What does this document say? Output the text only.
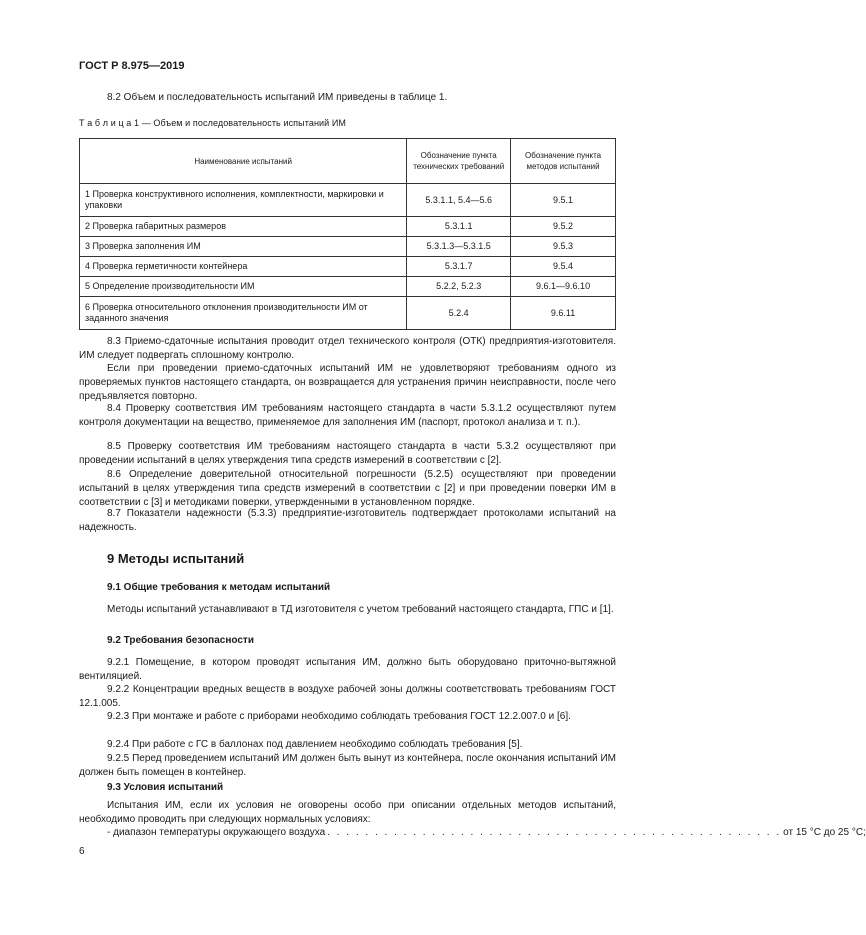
ГОСТ Р 8.975—2019

8.2 Объем и последовательность испытаний ИМ приведены в таблице 1.

Т а б л и ц а 1 — Объем и последовательность испытаний ИМ
Наименование испытаний	Обозначение пункта технических требований	Обозначение пункта методов испытаний
1 Проверка конструктивного исполнения, комплектности, маркировки и упаковки	5.3.1.1, 5.4—5.6	9.5.1
2 Проверка габаритных размеров	5.3.1.1	9.5.2
3 Проверка заполнения ИМ	5.3.1.3—5.3.1.5	9.5.3
4 Проверка герметичности контейнера	5.3.1.7	9.5.4
5 Определение производительности ИМ	5.2.2, 5.2.3	9.6.1—9.6.10
6 Проверка относительного отклонения производительности ИМ от заданного значения	5.2.4	9.6.11

8.3 Приемо-сдаточные испытания проводит отдел технического контроля (ОТК) предприятия-изготовителя. ИМ следует подвергать сплошному контролю.

Если при проведении приемо-сдаточных испытаний ИМ не удовлетворяют требованиям одного из проверяемых пунктов настоящего стандарта, он возвращается для устранения причин неисправности, после чего предъявляется повторно.

8.4 Проверку соответствия ИМ требованиям настоящего стандарта в части 5.3.1.2 осуществляют путем контроля документации на вещество, применяемое для заполнения ИМ (паспорт, протокол анализа и т. п.).

8.5 Проверку соответствия ИМ требованиям настоящего стандарта в части 5.3.2 осуществляют при проведении испытаний в целях утверждения типа средств измерений в соответствии с [2].

8.6 Определение доверительной относительной погрешности (5.2.5) осуществляют при проведении испытаний в целях утверждения типа средств измерений в соответствии с [2] и при проведении поверки ИМ в соответствии с [3] и методиками поверки, утвержденными в установленном порядке.

8.7 Показатели надежности (5.3.3) предприятие-изготовитель подтверждает протоколами испытаний на надежность.

9 Методы испытаний
9.1 Общие требования к методам испытаний

Методы испытаний устанавливают в ТД изготовителя с учетом требований настоящего стандарта, ГПС и [1].

9.2 Требования безопасности

9.2.1 Помещение, в котором проводят испытания ИМ, должно быть оборудовано приточно-вытяжной вентиляцией.

9.2.2 Концентрации вредных веществ в воздухе рабочей зоны должны соответствовать требованиям ГОСТ 12.1.005.

9.2.3 При монтаже и работе с приборами необходимо соблюдать требования ГОСТ 12.2.007.0 и [6].

9.2.4 При работе с ГС в баллонах под давлением необходимо соблюдать требования [5].

9.2.5 Перед проведением испытаний ИМ должен быть вынут из контейнера, после окончания испытаний ИМ должен быть помещен в контейнер.

9.3 Условия испытаний

Испытания ИМ, если их условия не оговорены особо при описании отдельных методов испытаний, необходимо проводить при следующих нормальных условиях:

- диапазон температуры окружающего воздуха . . . . . . . . . . . . . . . . . . . . . . . . . . . . . . . . . . . . . . . . . . . . . . . . от 15 °С до 25 °С;
6
